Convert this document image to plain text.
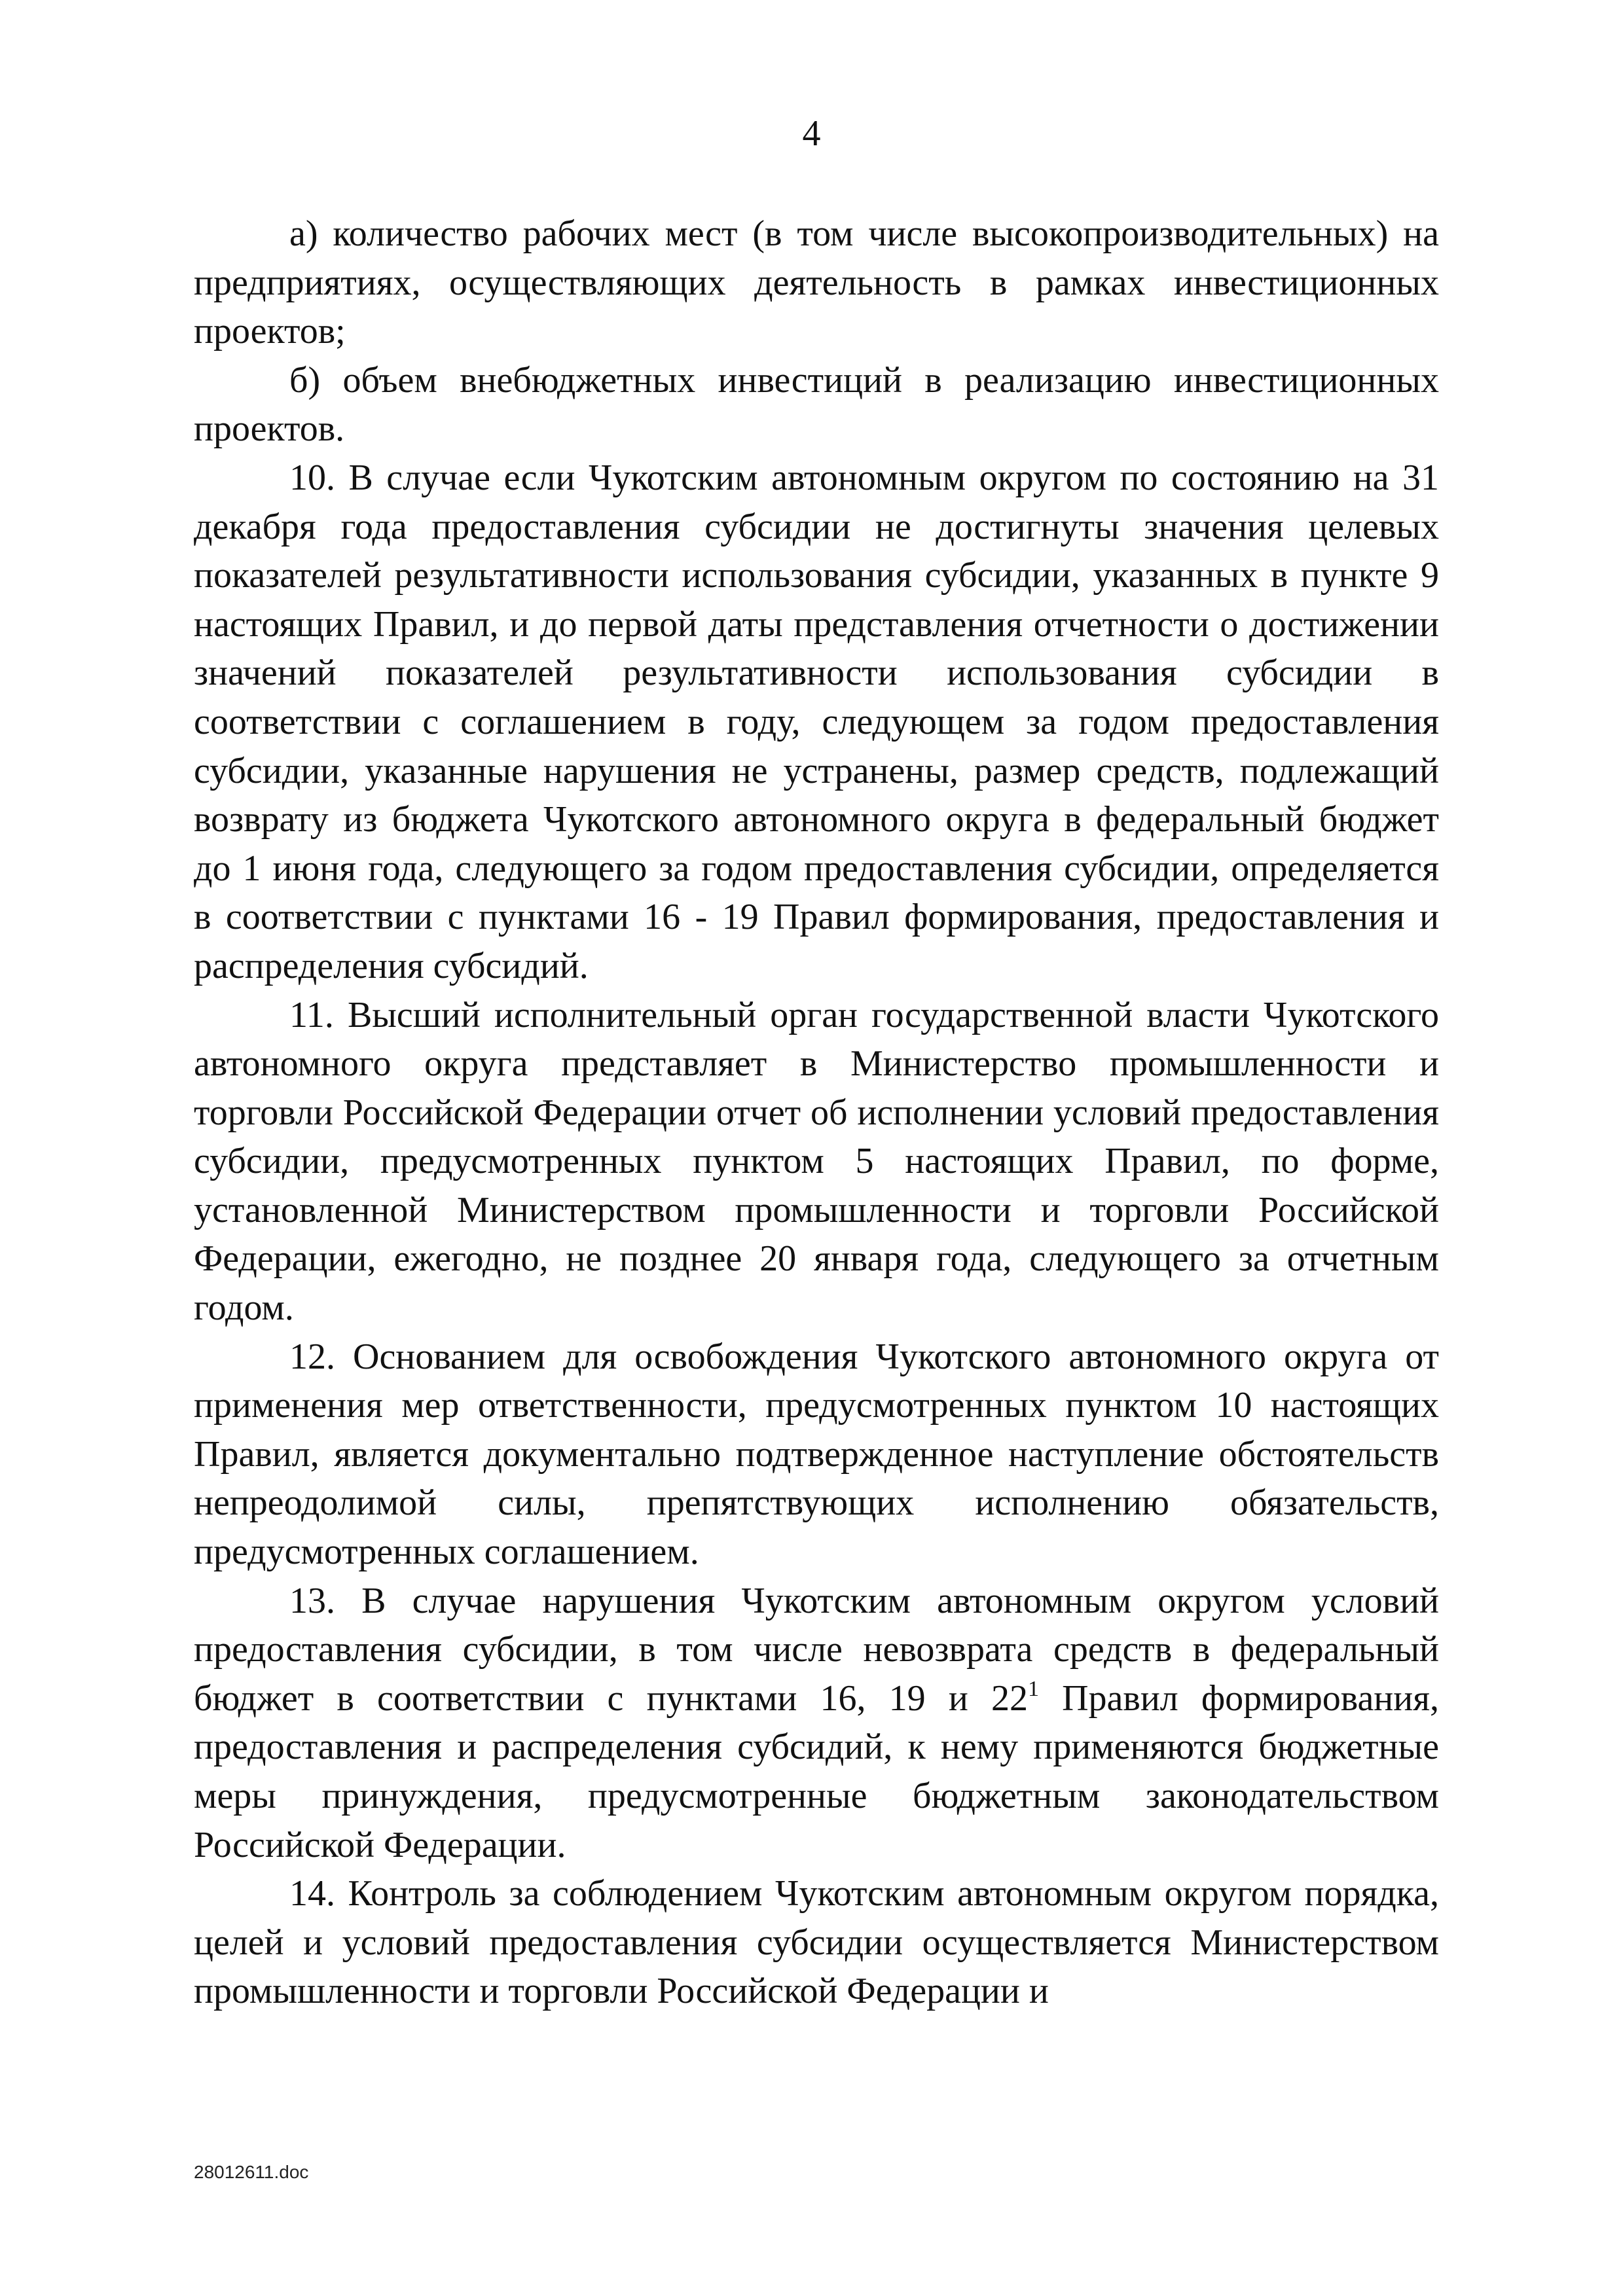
4

а) количество рабочих мест (в том числе высокопроизводительных) на предприятиях, осуществляющих деятельность в рамках инвестиционных проектов;

б) объем внебюджетных инвестиций в реализацию инвестиционных проектов.

10. В случае если Чукотским автономным округом по состоянию на 31 декабря года предоставления субсидии не достигнуты значения целевых показателей результативности использования субсидии, указанных в пункте 9 настоящих Правил, и до первой даты представления отчетности о достижении значений показателей результативности использования субсидии в соответствии с соглашением в году, следующем за годом предоставления субсидии, указанные нарушения не устранены, размер средств, подлежащий возврату из бюджета Чукотского автономного округа в федеральный бюджет до 1 июня года, следующего за годом предоставления субсидии, определяется в соответствии с пунктами 16 - 19 Правил формирования, предоставления и распределения субсидий.

11. Высший исполнительный орган государственной власти Чукотского автономного округа представляет в Министерство промышленности и торговли Российской Федерации отчет об исполнении условий предоставления субсидии, предусмотренных пунктом 5 настоящих Правил, по форме, установленной Министерством промышленности и торговли Российской Федерации, ежегодно, не позднее 20 января года, следующего за отчетным годом.

12. Основанием для освобождения Чукотского автономного округа от применения мер ответственности, предусмотренных пунктом 10 настоящих Правил, является документально подтвержденное наступление обстоятельств непреодолимой силы, препятствующих исполнению обязательств, предусмотренных соглашением.

13. В случае нарушения Чукотским автономным округом условий предоставления субсидии, в том числе невозврата средств в федеральный бюджет в соответствии с пунктами 16, 19 и 22$^1$ Правил формирования, предоставления и распределения субсидий, к нему применяются бюджетные меры принуждения, предусмотренные бюджетным законодательством Российской Федерации.

14. Контроль за соблюдением Чукотским автономным округом порядка, целей и условий предоставления субсидии осуществляется Министерством промышленности и торговли Российской Федерации и

28012611.doc
